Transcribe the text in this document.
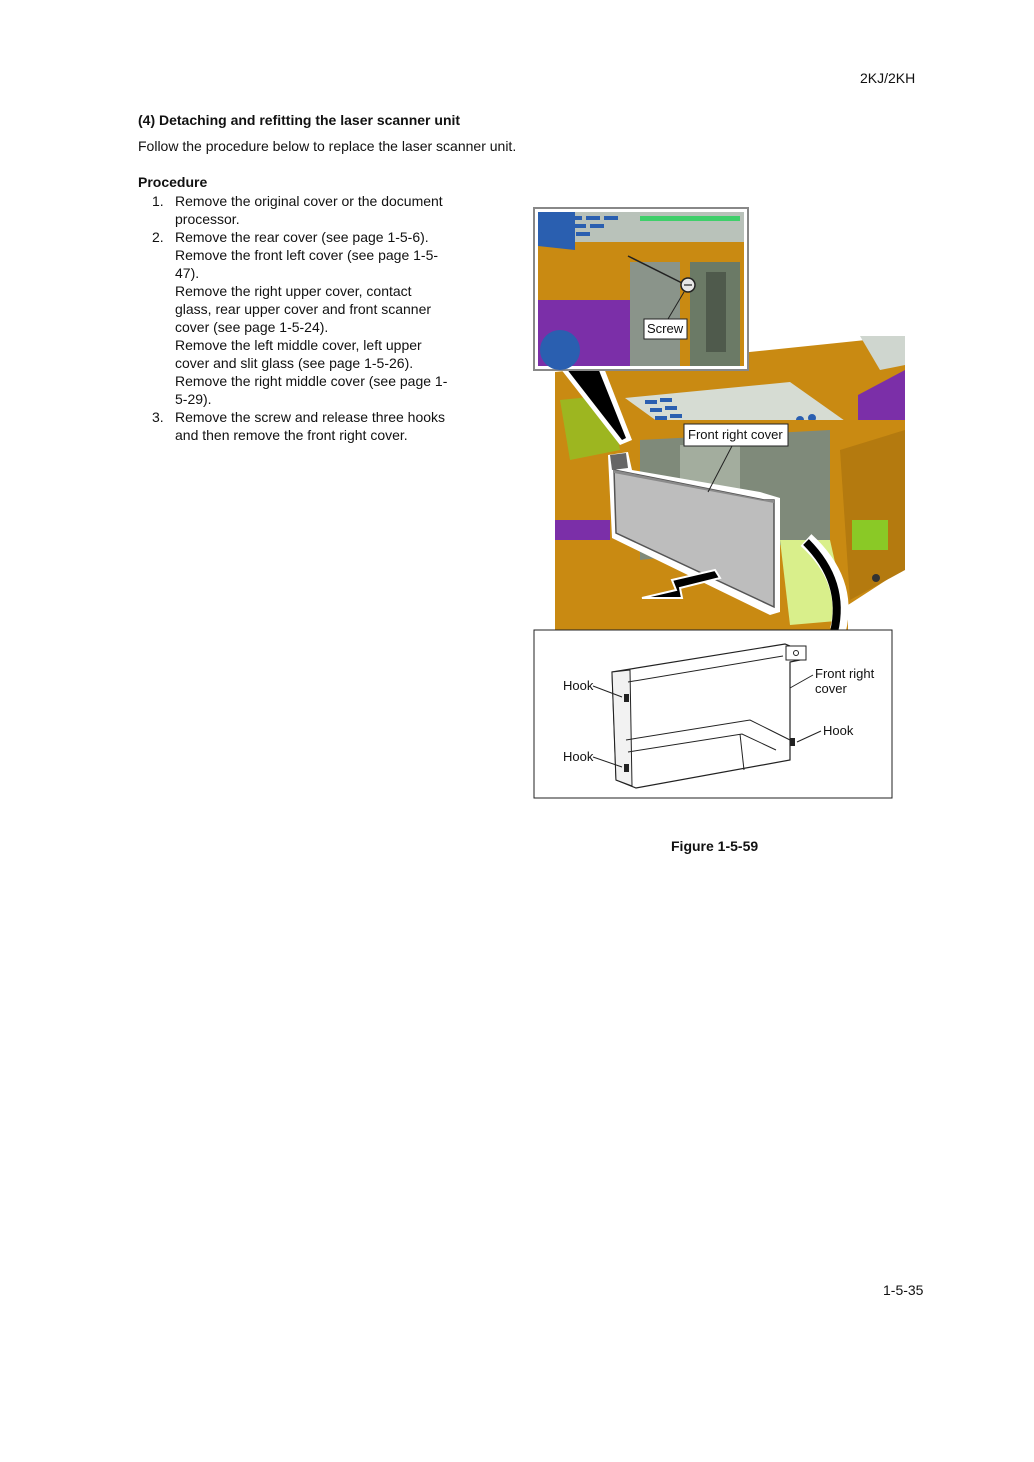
2KJ/2KH
(4) Detaching and refitting the laser scanner unit
Follow the procedure below to replace the laser scanner unit.
Procedure
1. Remove the original cover or the document
processor.
2. Remove the rear cover (see page 1-5-6).
Remove the front left cover (see page 1-5-
47).
Remove the right upper cover, contact
glass, rear upper cover and front scanner
cover (see page 1-5-24).
Remove the left middle cover, left upper
cover and slit glass (see page 1-5-26).
Remove the right middle cover (see page 1-
5-29).
3. Remove the screw and release three hooks
and then remove the front right cover.	Front right cover
Screw
Hook
Hook
Front right
cover
Hook
Figure 1-5-59
1-5-35
